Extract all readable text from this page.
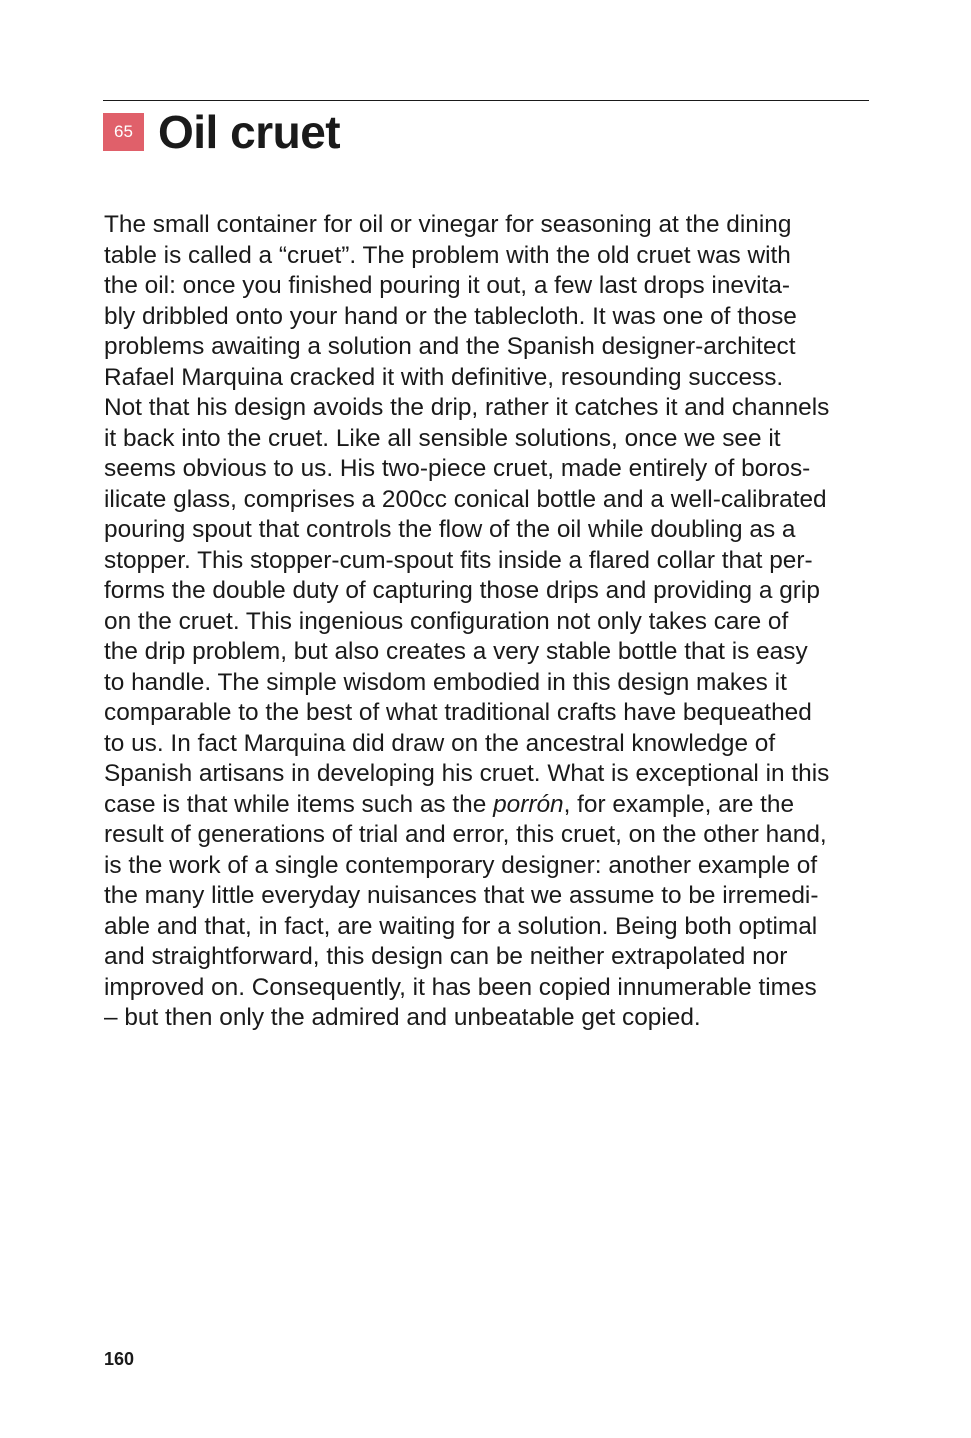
65 Oil cruet

The small container for oil or vinegar for seasoning at the dining
table is called a “cruet”. The problem with the old cruet was with
the oil: once you finished pouring it out, a few last drops inevita-
bly dribbled onto your hand or the tablecloth. It was one of those
problems awaiting a solution and the Spanish designer-architect
Rafael Marquina cracked it with definitive, resounding success.
Not that his design avoids the drip, rather it catches it and channels
it back into the cruet. Like all sensible solutions, once we see it
seems obvious to us. His two-piece cruet, made entirely of boros-
ilicate glass, comprises a 200cc conical bottle and a well-calibrated
pouring spout that controls the flow of the oil while doubling as a
stopper. This stopper-cum-spout fits inside a flared collar that per-
forms the double duty of capturing those drips and providing a grip
on the cruet. This ingenious configuration not only takes care of
the drip problem, but also creates a very stable bottle that is easy
to handle. The simple wisdom embodied in this design makes it
comparable to the best of what traditional crafts have bequeathed
to us. In fact Marquina did draw on the ancestral knowledge of
Spanish artisans in developing his cruet. What is exceptional in this
case is that while items such as the porrón, for example, are the
result of generations of trial and error, this cruet, on the other hand,
is the work of a single contemporary designer: another example of
the many little everyday nuisances that we assume to be irremedi-
able and that, in fact, are waiting for a solution. Being both optimal
and straightforward, this design can be neither extrapolated nor
improved on. Consequently, it has been copied innumerable times
– but then only the admired and unbeatable get copied.

160
